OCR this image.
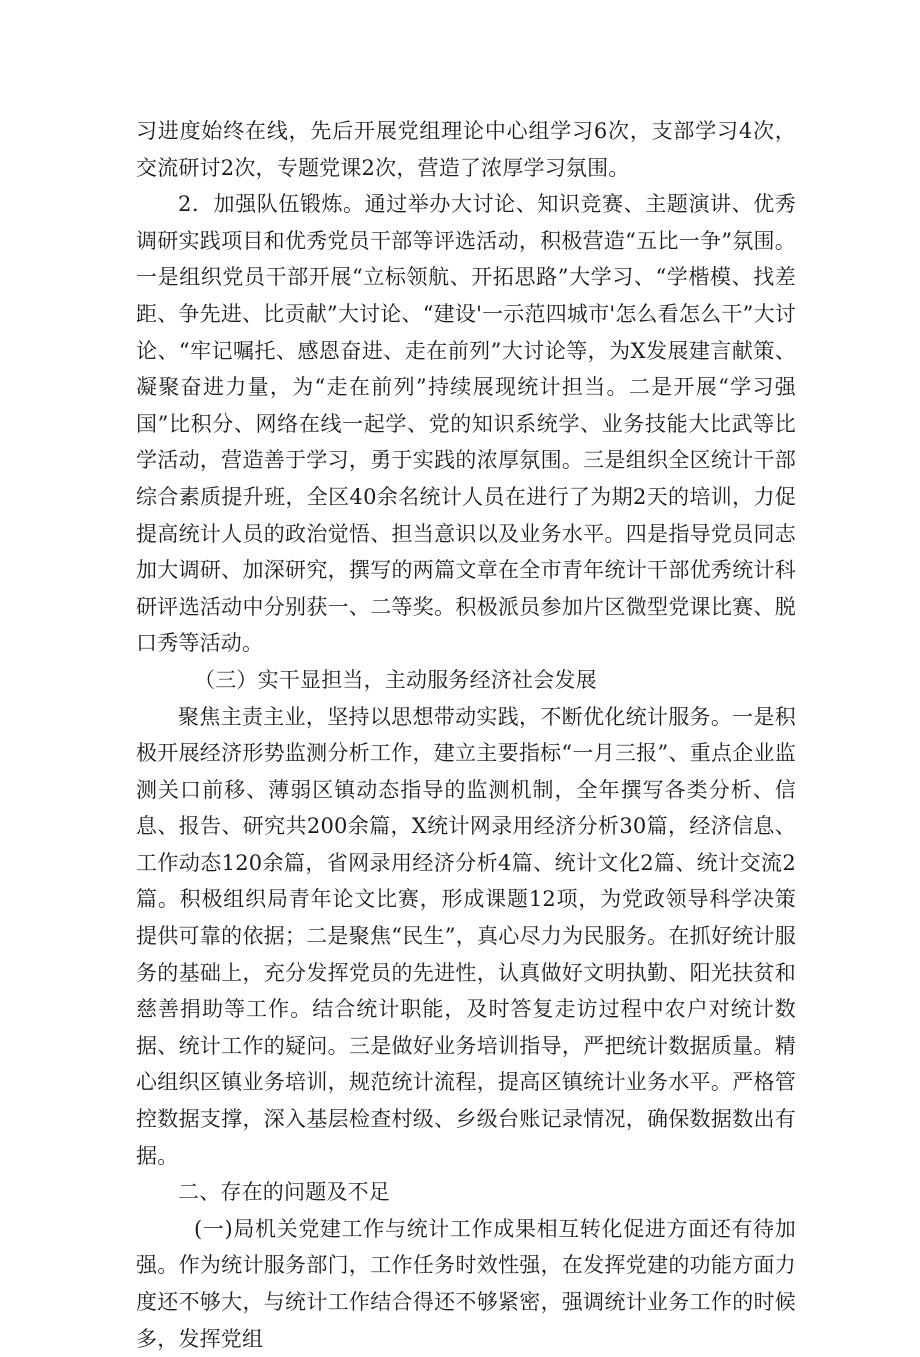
习进度始终在线，先后开展党组理论中心组学习6次，支部学习4次，交流研讨2次，专题党课2次，营造了浓厚学习氛围。

2．加强队伍锻炼。通过举办大讨论、知识竞赛、主题演讲、优秀调研实践项目和优秀党员干部等评选活动，积极营造“五比一争”氛围。一是组织党员干部开展“立标领航、开拓思路”大学习、“学楷模、找差距、争先进、比贡献”大讨论、“建设'一示范四城市'怎么看怎么干”大讨论、“牢记嘱托、感恩奋进、走在前列”大讨论等，为X发展建言献策、凝聚奋进力量，为“走在前列”持续展现统计担当。二是开展“学习强国”比积分、网络在线一起学、党的知识系统学、业务技能大比武等比学活动，营造善于学习，勇于实践的浓厚氛围。三是组织全区统计干部综合素质提升班，全区40余名统计人员在进行了为期2天的培训，力促提高统计人员的政治觉悟、担当意识以及业务水平。四是指导党员同志加大调研、加深研究，撰写的两篇文章在全市青年统计干部优秀统计科研评选活动中分别获一、二等奖。积极派员参加片区微型党课比赛、脱口秀等活动。

（三）实干显担当，主动服务经济社会发展

聚焦主责主业，坚持以思想带动实践，不断优化统计服务。一是积极开展经济形势监测分析工作，建立主要指标“一月三报”、重点企业监测关口前移、薄弱区镇动态指导的监测机制，全年撰写各类分析、信息、报告、研究共200余篇，X统计网录用经济分析30篇，经济信息、工作动态120余篇，省网录用经济分析4篇、统计文化2篇、统计交流2篇。积极组织局青年论文比赛，形成课题12项，为党政领导科学决策提供可靠的依据；二是聚焦“民生”，真心尽力为民服务。在抓好统计服务的基础上，充分发挥党员的先进性，认真做好文明执勤、阳光扶贫和慈善捐助等工作。结合统计职能，及时答复走访过程中农户对统计数据、统计工作的疑问。三是做好业务培训指导，严把统计数据质量。精心组织区镇业务培训，规范统计流程，提高区镇统计业务水平。严格管控数据支撑，深入基层检查村级、乡级台账记录情况，确保数据数出有据。

二、存在的问题及不足

(一)局机关党建工作与统计工作成果相互转化促进方面还有待加强。作为统计服务部门，工作任务时效性强，在发挥党建的功能方面力度还不够大，与统计工作结合得还不够紧密，强调统计业务工作的时候多，发挥党组
